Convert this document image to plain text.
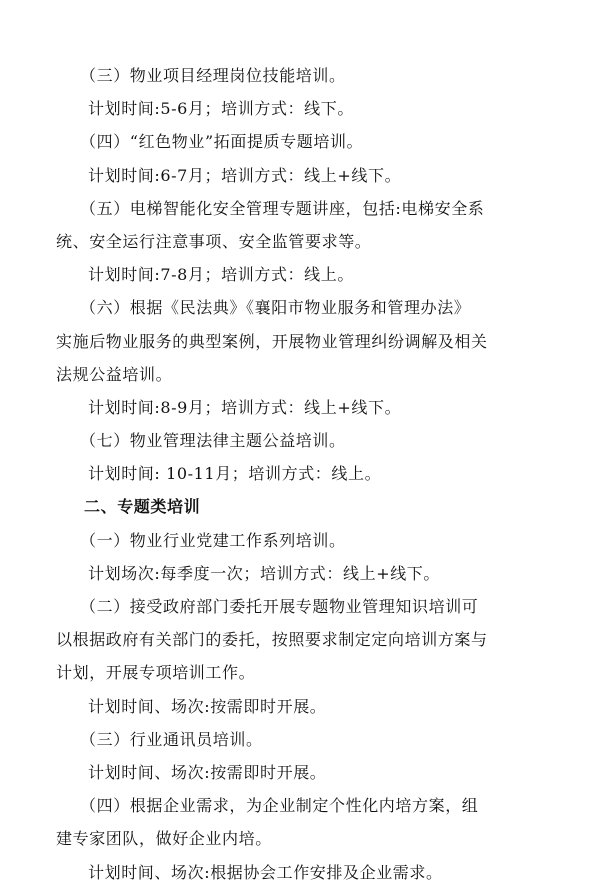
（三）物业项目经理岗位技能培训。
计划时间:5-6月；培训方式：线下。
（四）“红色物业”拓面提质专题培训。
计划时间:6-7月；培训方式：线上+线下。
（五）电梯智能化安全管理专题讲座，包括:电梯安全系
统、安全运行注意事项、安全监管要求等。
计划时间:7-8月；培训方式：线上。
（六）根据《民法典》《襄阳市物业服务和管理办法》
实施后物业服务的典型案例，开展物业管理纠纷调解及相关
法规公益培训。
计划时间:8-9月；培训方式：线上+线下。
（七）物业管理法律主题公益培训。
计划时间: 10-11月；培训方式：线上。
二、专题类培训
（一）物业行业党建工作系列培训。
计划场次:每季度一次；培训方式：线上+线下。
（二）接受政府部门委托开展专题物业管理知识培训可
以根据政府有关部门的委托，按照要求制定定向培训方案与
计划，开展专项培训工作。
计划时间、场次:按需即时开展。
（三）行业通讯员培训。
计划时间、场次:按需即时开展。
（四）根据企业需求，为企业制定个性化内培方案，组
建专家团队，做好企业内培。
计划时间、场次:根据协会工作安排及企业需求。
